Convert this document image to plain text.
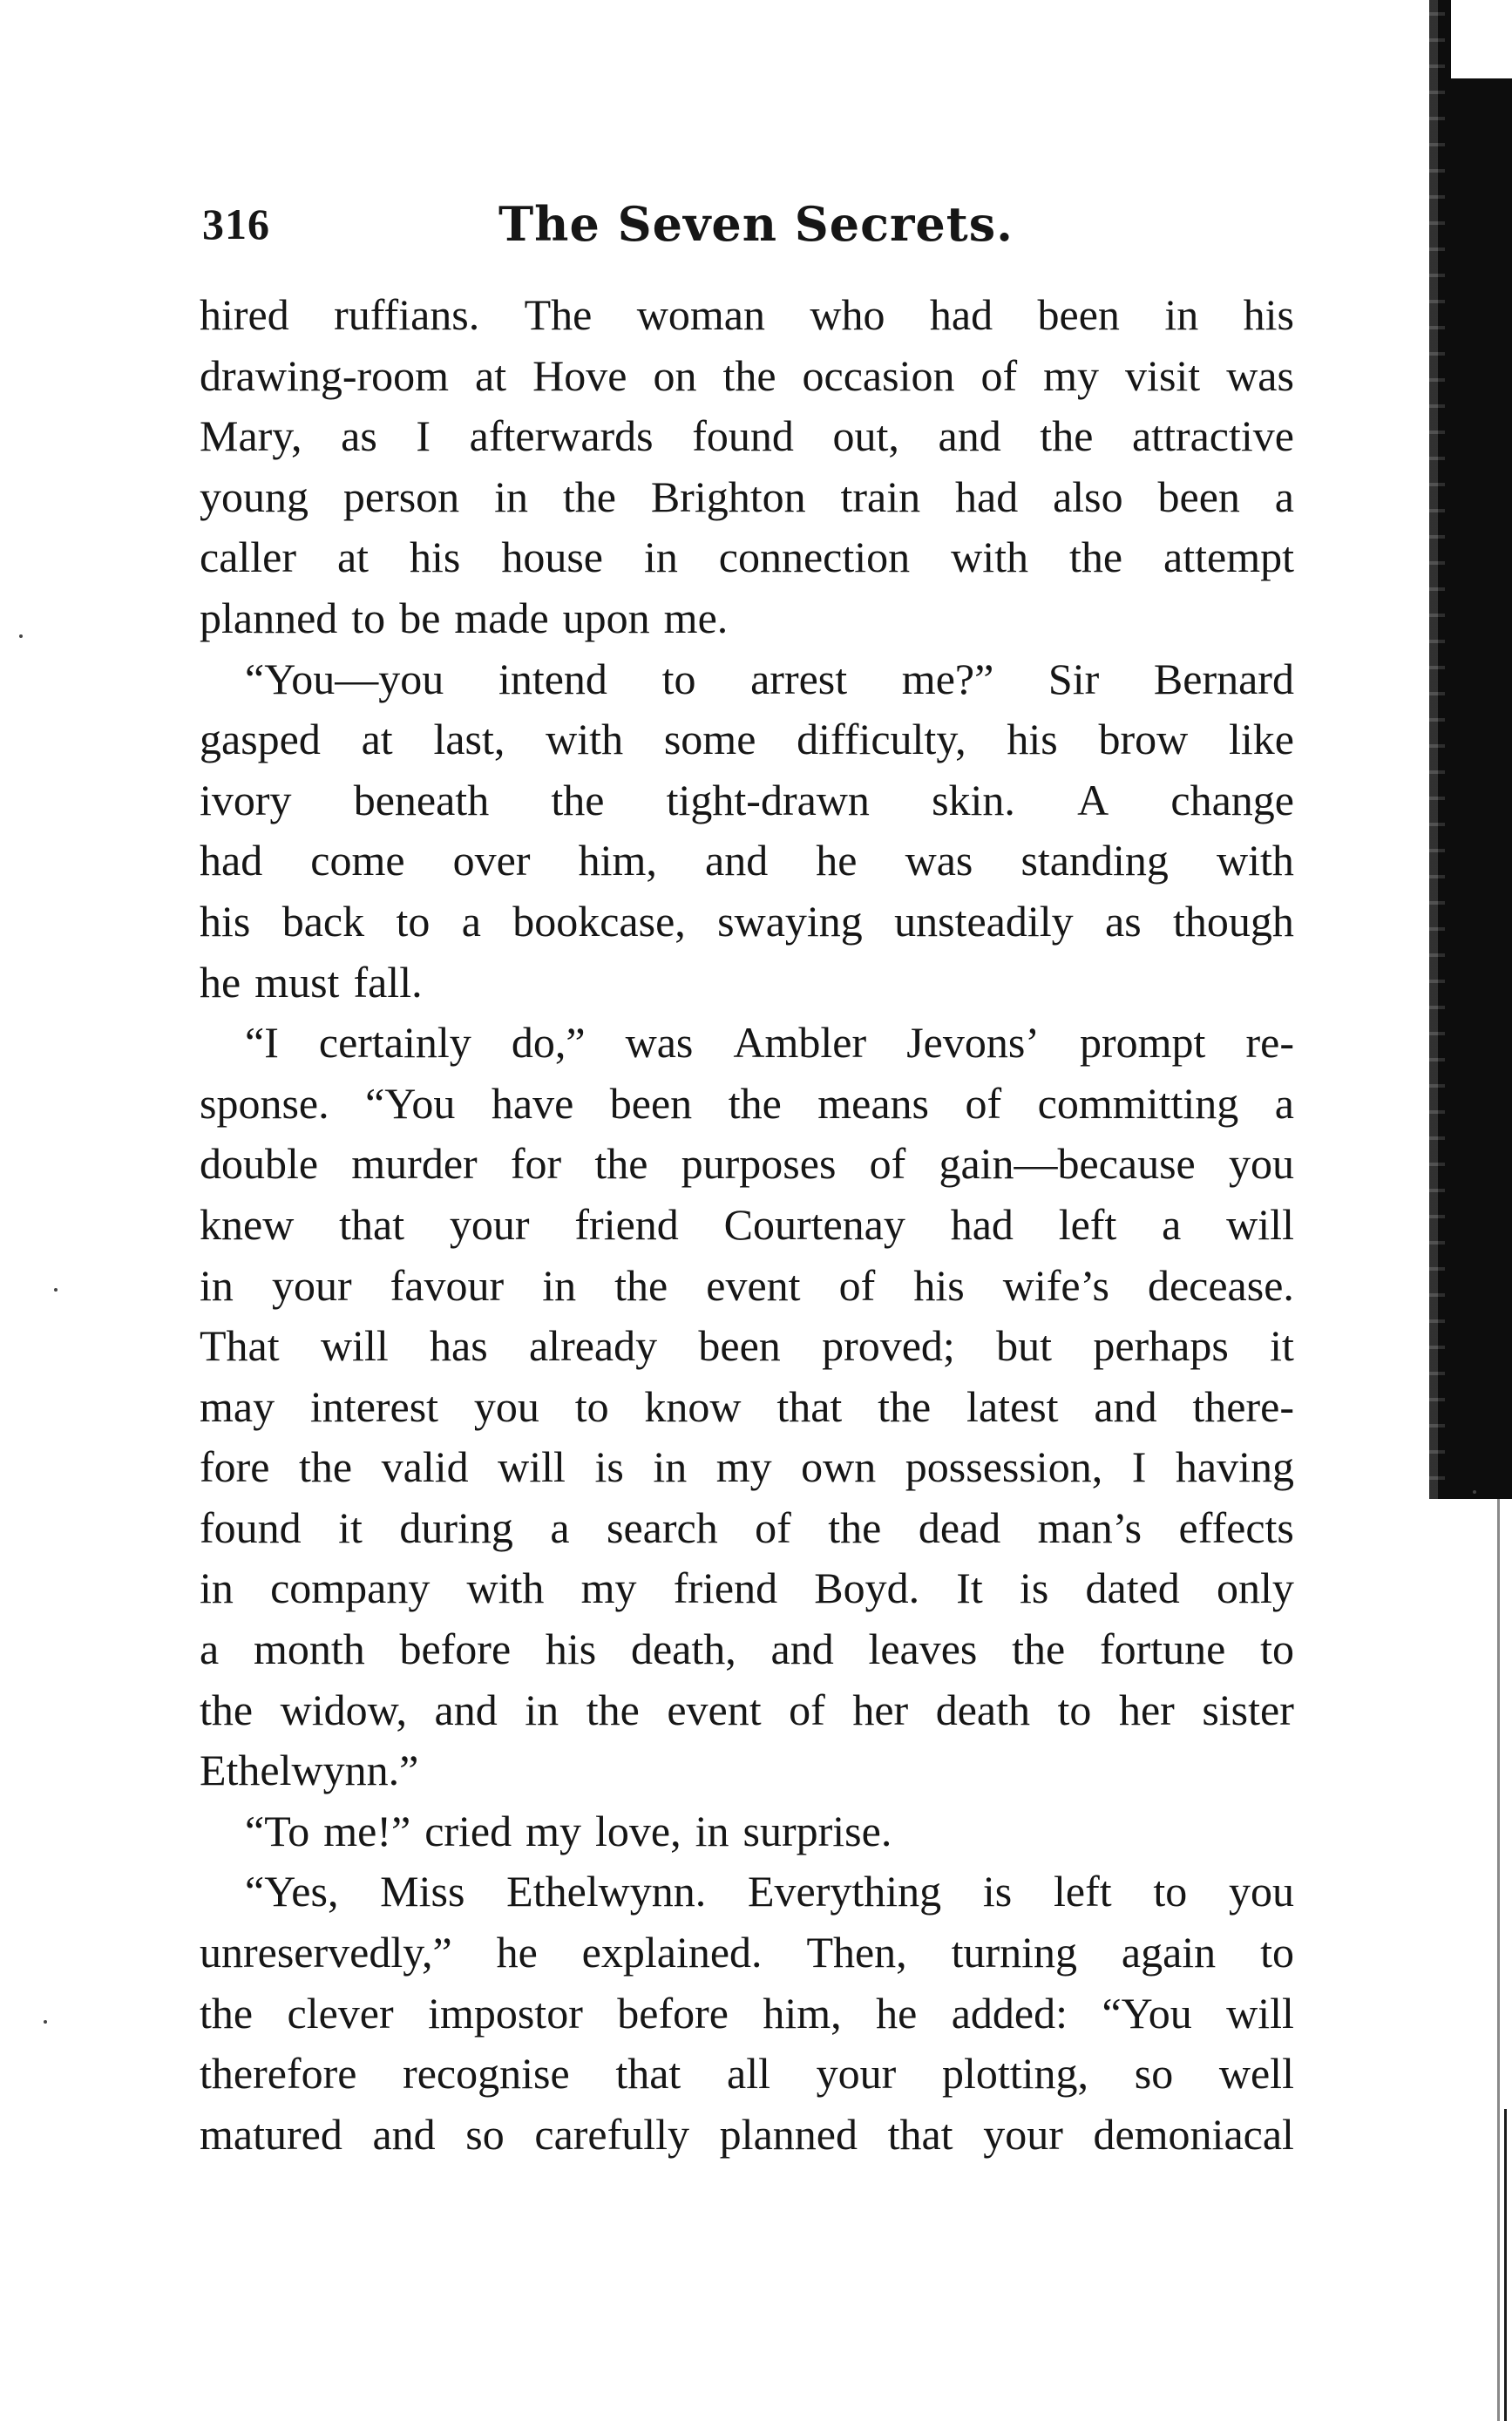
316	The Seven Secrets.
hired ruffians. The woman who had been in his
drawing-room at Hove on the occasion of my visit was
Mary, as I afterwards found out, and the attractive
young person in the Brighton train had also been a
caller at his house in connection with the attempt
planned to be made upon me.
“You—you intend to arrest me?” Sir Bernard
gasped at last, with some difficulty, his brow like
ivory beneath the tight-drawn skin. A change
had come over him, and he was standing with
his back to a bookcase, swaying unsteadily as though
he must fall.
“I certainly do,” was Ambler Jevons’ prompt re-
sponse. “You have been the means of committing a
double murder for the purposes of gain—because you
knew that your friend Courtenay had left a will
in your favour in the event of his wife’s decease.
That will has already been proved; but perhaps it
may interest you to know that the latest and there-
fore the valid will is in my own possession, I having
found it during a search of the dead man’s effects
in company with my friend Boyd. It is dated only
a month before his death, and leaves the fortune to
the widow, and in the event of her death to her sister
Ethelwynn.”
“To me!” cried my love, in surprise.
“Yes, Miss Ethelwynn. Everything is left to you
unreservedly,” he explained. Then, turning again to
the clever impostor before him, he added: “You will
therefore recognise that all your plotting, so well
matured and so carefully planned that your demoniacal
